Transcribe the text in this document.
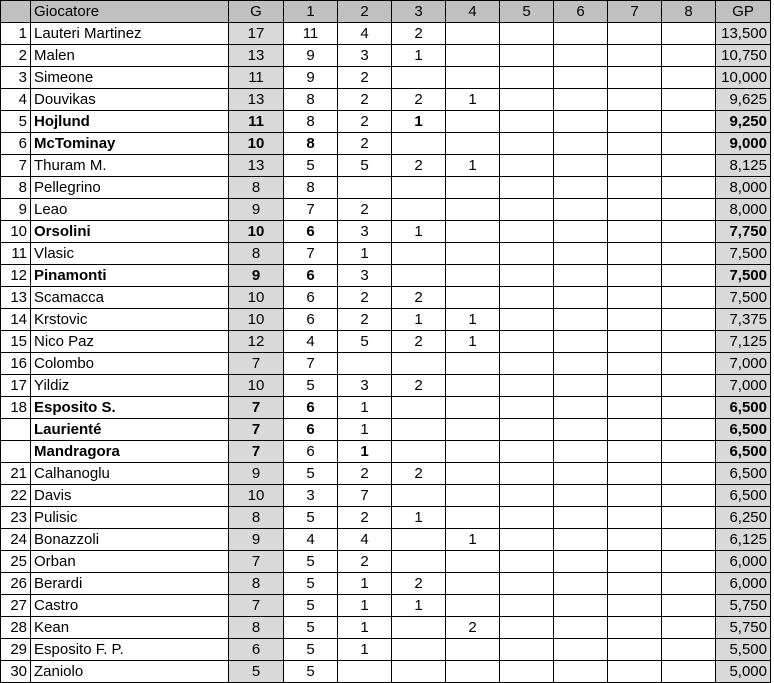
	Giocatore	G	1	2	3	4	5	6	7	8	GP
1	Lauteri Martinez	17	11	4	2						13,500
2	Malen	13	9	3	1						10,750
3	Simeone	11	9	2							10,000
4	Douvikas	13	8	2	2	1					9,625
5	Hojlund	11	8	2	1						9,250
6	McTominay	10	8	2							9,000
7	Thuram M.	13	5	5	2	1					8,125
8	Pellegrino	8	8								8,000
9	Leao	9	7	2							8,000
10	Orsolini	10	6	3	1						7,750
11	Vlasic	8	7	1							7,500
12	Pinamonti	9	6	3							7,500
13	Scamacca	10	6	2	2						7,500
14	Krstovic	10	6	2	1	1					7,375
15	Nico Paz	12	4	5	2	1					7,125
16	Colombo	7	7								7,000
17	Yildiz	10	5	3	2						7,000
18	Esposito S.	7	6	1							6,500
	Laurienté	7	6	1							6,500
	Mandragora	7	6	1							6,500
21	Calhanoglu	9	5	2	2						6,500
22	Davis	10	3	7							6,500
23	Pulisic	8	5	2	1						6,250
24	Bonazzoli	9	4	4		1					6,125
25	Orban	7	5	2							6,000
26	Berardi	8	5	1	2						6,000
27	Castro	7	5	1	1						5,750
28	Kean	8	5	1		2					5,750
29	Esposito F. P.	6	5	1							5,500
30	Zaniolo	5	5								5,000
